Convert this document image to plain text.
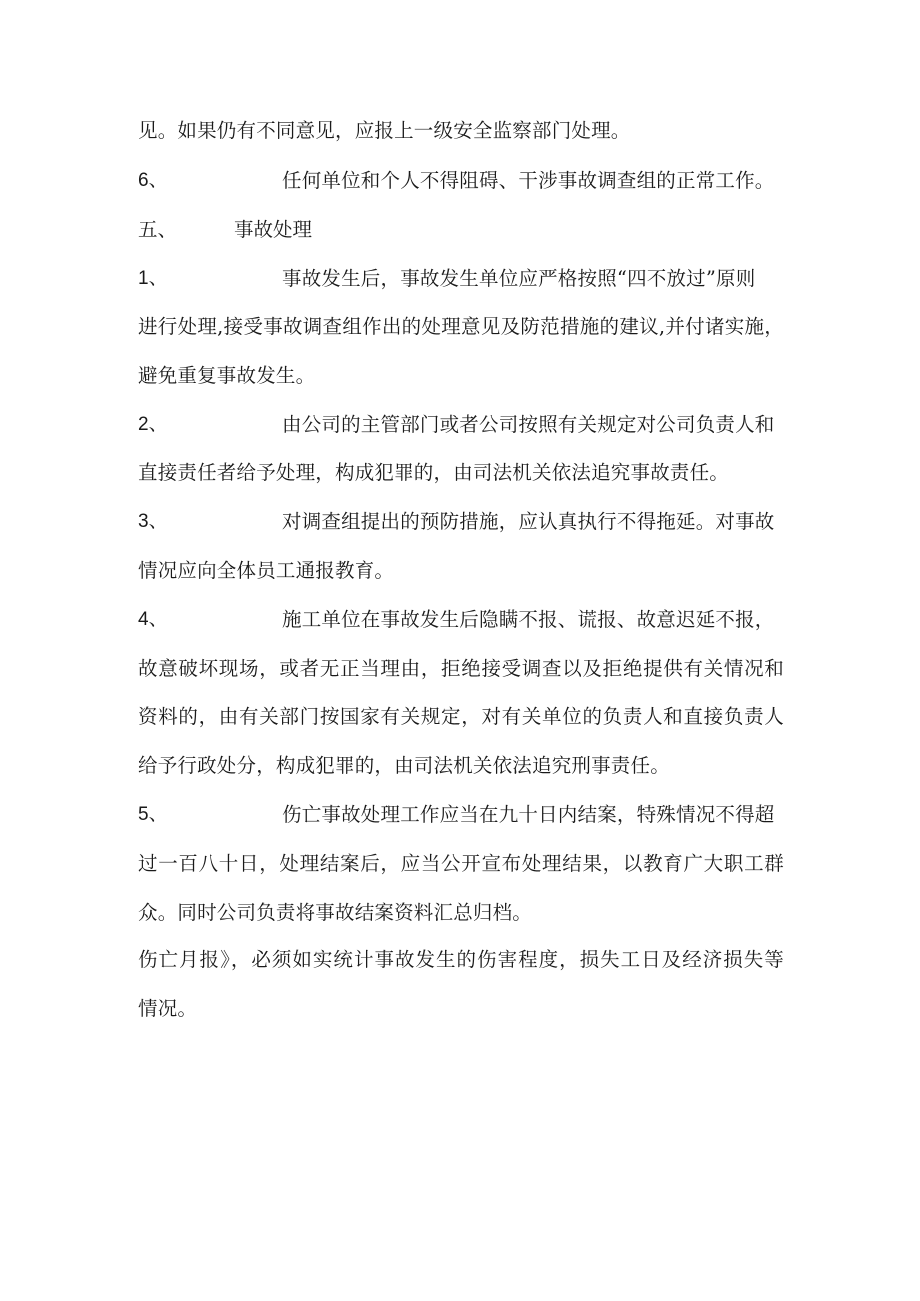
见。如果仍有不同意见，应报上一级安全监察部门处理。
6、	任何单位和个人不得阻碍、干涉事故调查组的正常工作。
五、	事故处理
1、	事故发生后，事故发生单位应严格按照“四不放过”原则
进行处理,接受事故调查组作出的处理意见及防范措施的建议,并付诸实施，
避免重复事故发生。
2、	由公司的主管部门或者公司按照有关规定对公司负责人和
直接责任者给予处理，构成犯罪的，由司法机关依法追究事故责任。
3、	对调查组提出的预防措施，应认真执行不得拖延。对事故
情况应向全体员工通报教育。
4、	施工单位在事故发生后隐瞒不报、谎报、故意迟延不报，
故意破坏现场，或者无正当理由，拒绝接受调查以及拒绝提供有关情况和
资料的，由有关部门按国家有关规定，对有关单位的负责人和直接负责人
给予行政处分，构成犯罪的，由司法机关依法追究刑事责任。
5、	伤亡事故处理工作应当在九十日内结案，特殊情况不得超
过一百八十日，处理结案后，应当公开宣布处理结果，以教育广大职工群
众。同时公司负责将事故结案资料汇总归档。
伤亡月报》，必须如实统计事故发生的伤害程度，损失工日及经济损失等
情况。
